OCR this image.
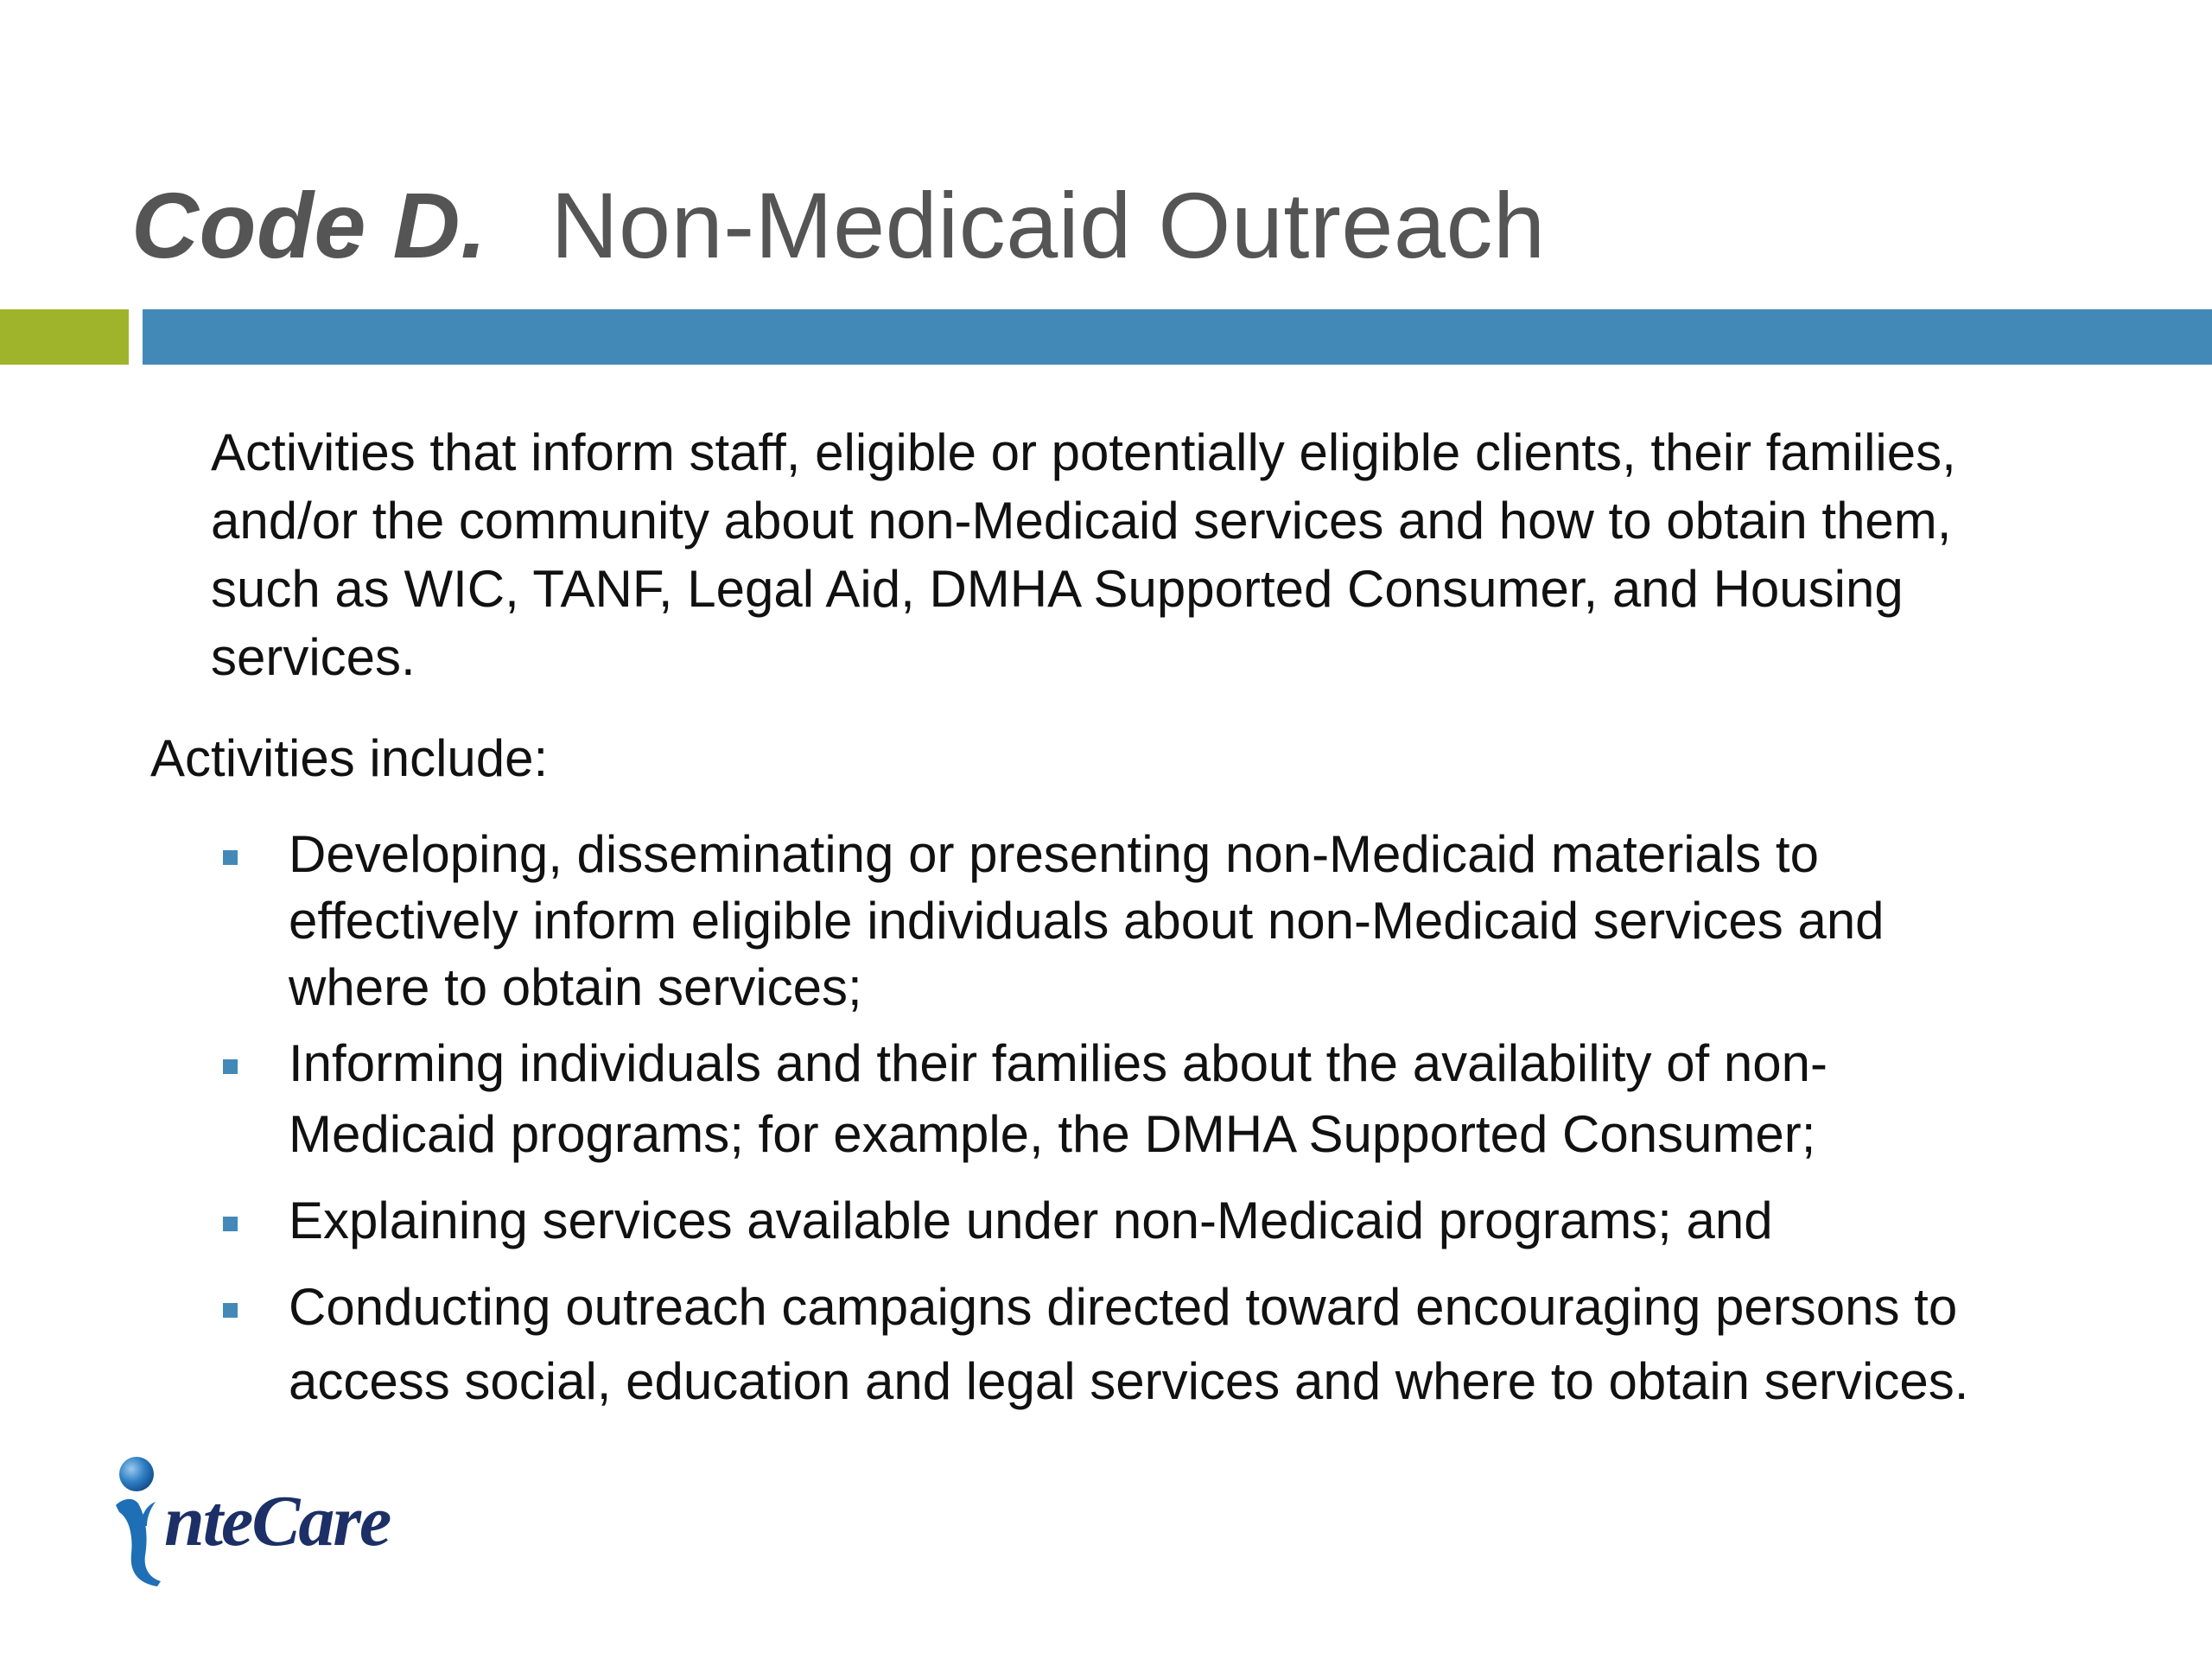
Code D. Non-Medicaid Outreach
Activities that inform staff, eligible or potentially eligible clients, their families, and/or the community about non-Medicaid services and how to obtain them, such as WIC, TANF, Legal Aid, DMHA Supported Consumer, and Housing services.
Activities include:
Developing, disseminating or presenting non-Medicaid materials to effectively inform eligible individuals about non-Medicaid services and where to obtain services;
Informing individuals and their families about the availability of non-Medicaid programs; for example, the DMHA Supported Consumer;
Explaining services available under non-Medicaid programs; and
Conducting outreach campaigns directed toward encouraging persons to access social, education and legal services and where to obtain services.
nteCare
